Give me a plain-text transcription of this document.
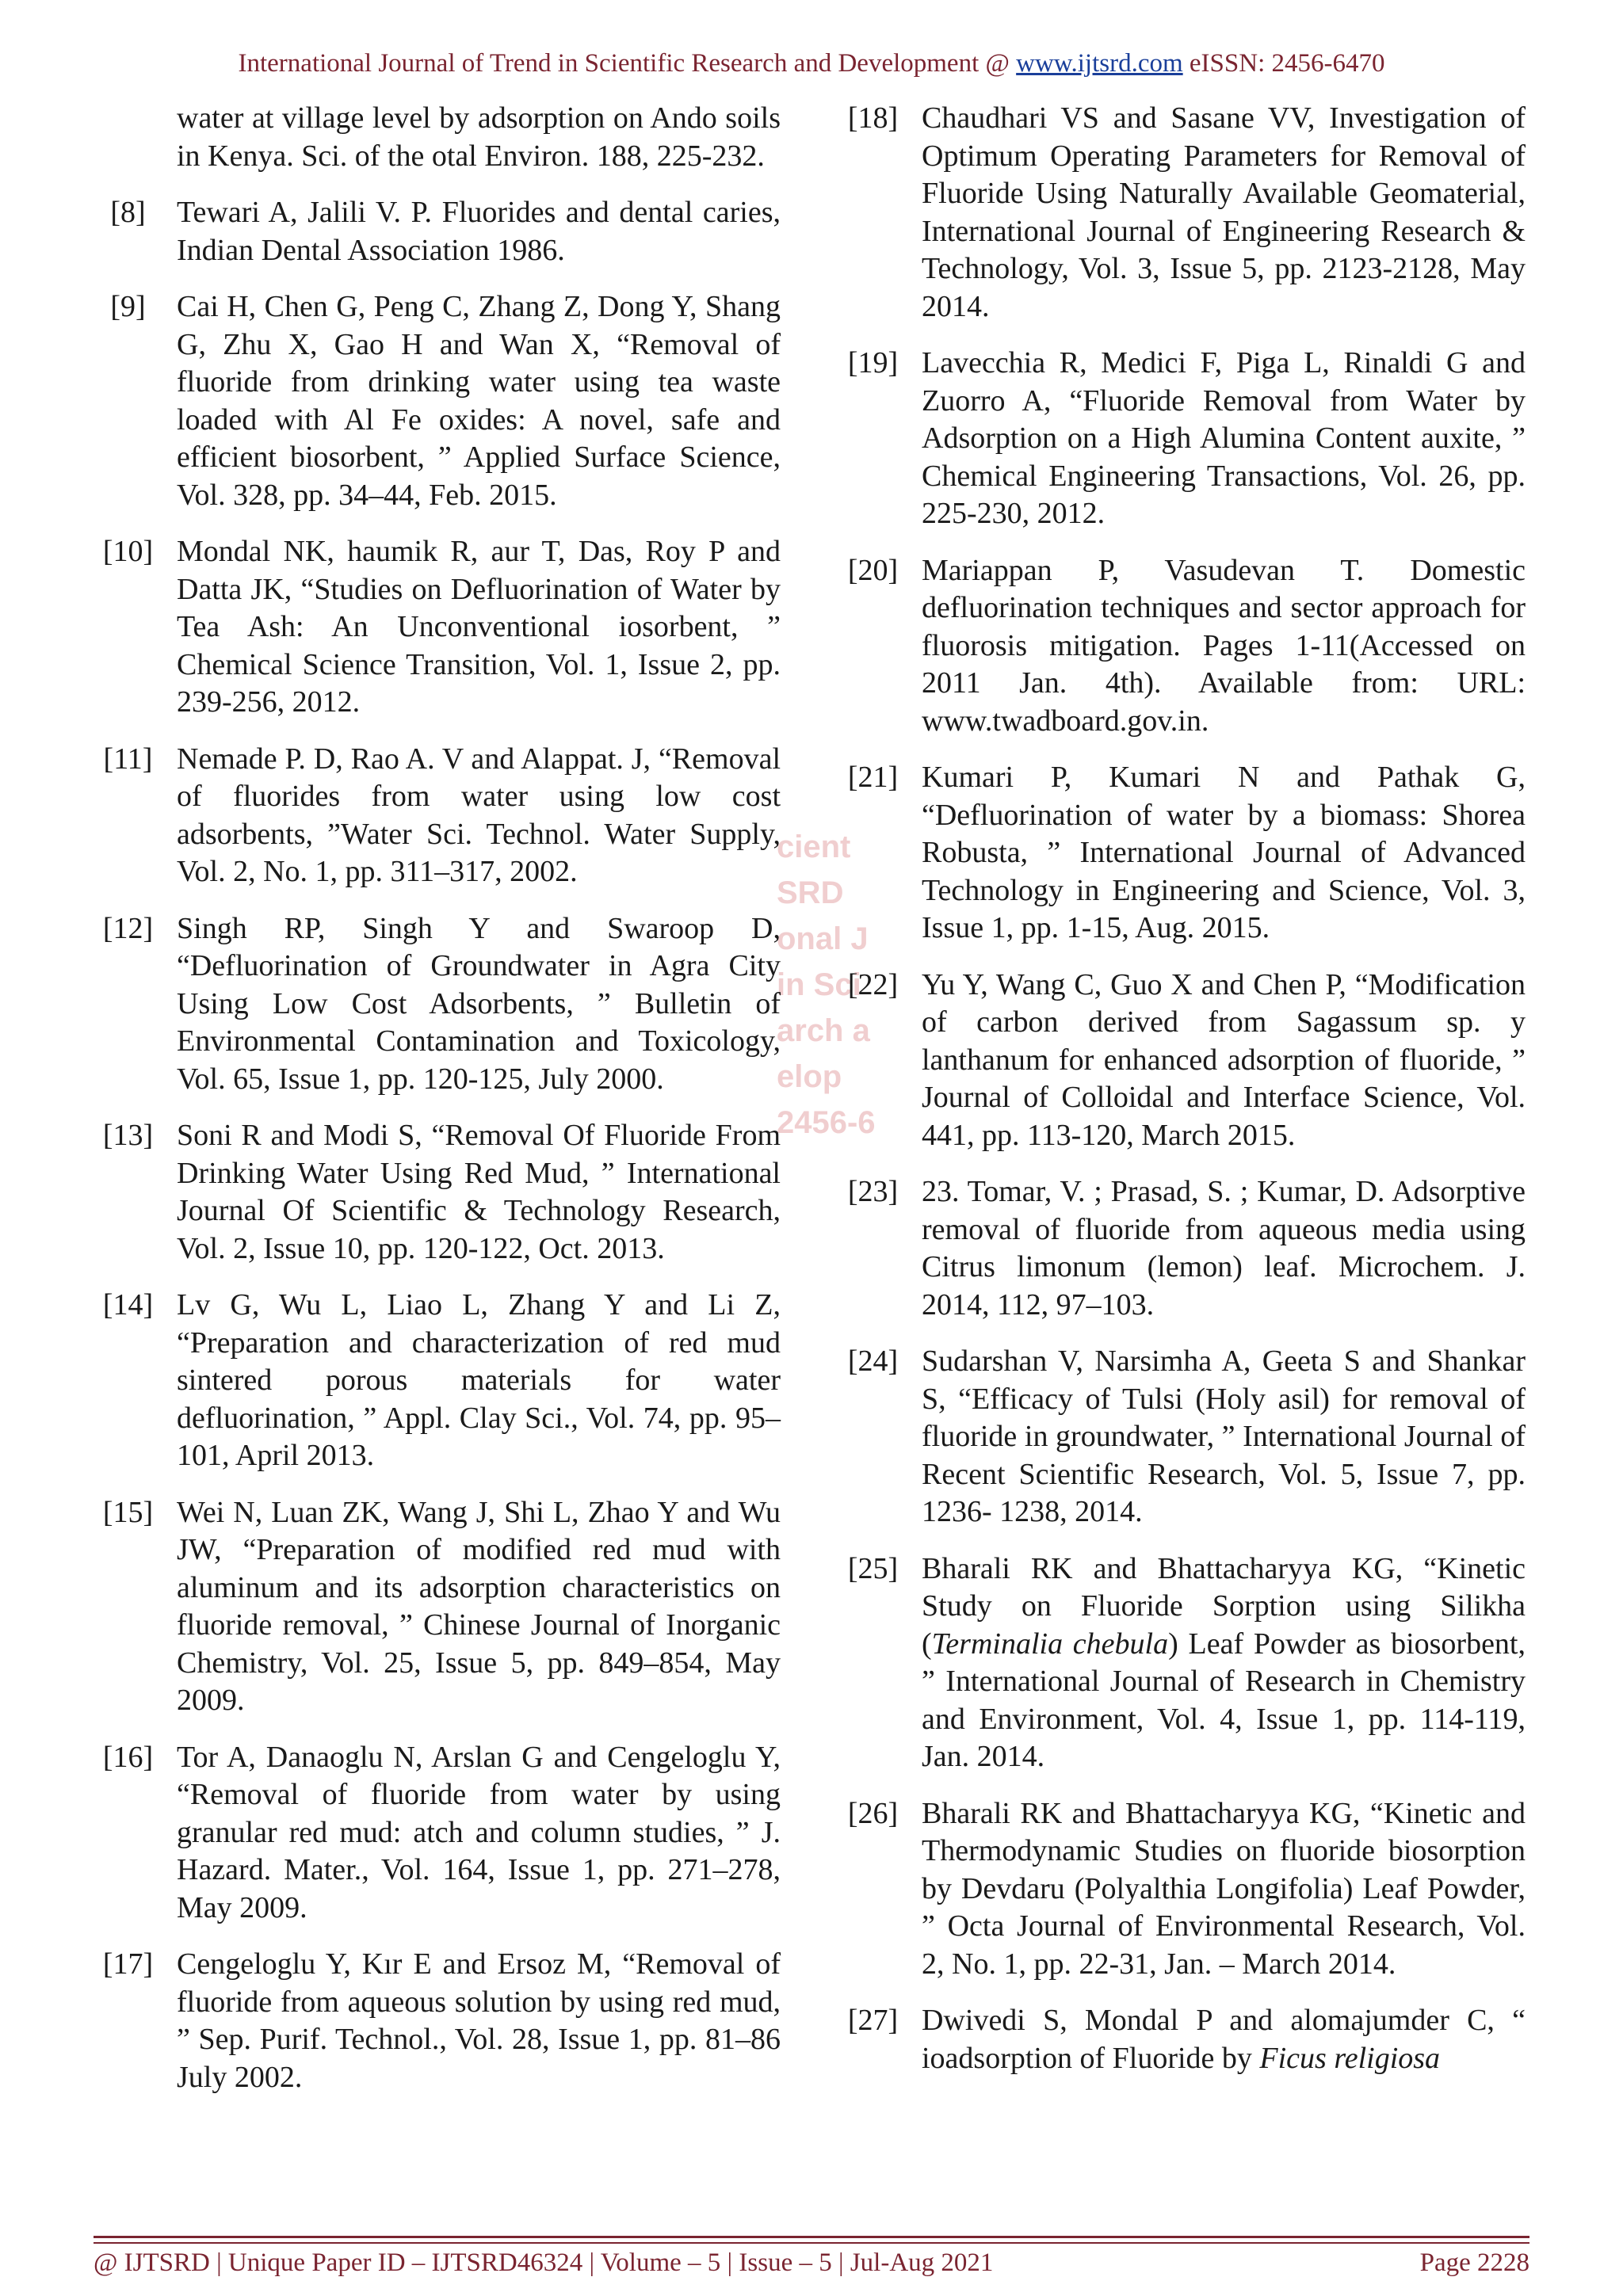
International Journal of Trend in Scientific Research and Development @ www.ijtsrd.com eISSN: 2456-6470
cient
SRD
onal J
in Sci
arch a
elop
2456-6
water at village level by adsorption on Ando soils in Kenya. Sci. of the otal Environ. 188, 225-232.
[8]	Tewari A, Jalili V. P. Fluorides and dental caries, Indian Dental Association 1986.
[9]	Cai H, Chen G, Peng C, Zhang Z, Dong Y, Shang G, Zhu X, Gao H and Wan X, “Removal of fluoride from drinking water using tea waste loaded with Al Fe oxides: A novel, safe and efficient biosorbent, ” Applied Surface Science, Vol. 328, pp. 34–44, Feb. 2015.
[10] Mondal NK, haumik R, aur T, Das, Roy P and Datta JK, “Studies on Defluorination of Water by Tea Ash: An Unconventional iosorbent, ” Chemical Science Transition, Vol. 1, Issue 2, pp. 239-256, 2012.
[11] Nemade P. D, Rao A. V and Alappat. J, “Removal of fluorides from water using low cost adsorbents, ”Water Sci. Technol. Water Supply, Vol. 2, No. 1, pp. 311–317, 2002.
[12] Singh RP, Singh Y and Swaroop D, “Defluorination of Groundwater in Agra City Using Low Cost Adsorbents, ” Bulletin of Environmental Contamination and Toxicology, Vol. 65, Issue 1, pp. 120-125, July 2000.
[13] Soni R and Modi S, “Removal Of Fluoride From Drinking Water Using Red Mud, ” International Journal Of Scientific & Technology Research, Vol. 2, Issue 10, pp. 120-122, Oct. 2013.
[14] Lv G, Wu L, Liao L, Zhang Y and Li Z, “Preparation and characterization of red mud sintered porous materials for water defluorination, ” Appl. Clay Sci., Vol. 74, pp. 95–101, April 2013.
[15] Wei N, Luan ZK, Wang J, Shi L, Zhao Y and Wu JW, “Preparation of modified red mud with aluminum and its adsorption characteristics on fluoride removal, ” Chinese Journal of Inorganic Chemistry, Vol. 25, Issue 5, pp. 849–854, May 2009.
[16] Tor A, Danaoglu N, Arslan G and Cengeloglu Y, “Removal of fluoride from water by using granular red mud: atch and column studies, ” J. Hazard. Mater., Vol. 164, Issue 1, pp. 271–278, May 2009.
[17] Cengeloglu Y, Kır E and Ersoz M, “Removal of fluoride from aqueous solution by using red mud, ” Sep. Purif. Technol., Vol. 28, Issue 1, pp. 81–86 July 2002.
[18] Chaudhari VS and Sasane VV, Investigation of Optimum Operating Parameters for Removal of Fluoride Using Naturally Available Geomaterial, International Journal of Engineering Research & Technology, Vol. 3, Issue 5, pp. 2123-2128, May 2014.
[19] Lavecchia R, Medici F, Piga L, Rinaldi G and Zuorro A, “Fluoride Removal from Water by Adsorption on a High Alumina Content auxite, ” Chemical Engineering Transactions, Vol. 26, pp. 225-230, 2012.
[20] Mariappan P, Vasudevan T. Domestic defluorination techniques and sector approach for fluorosis mitigation. Pages 1-11(Accessed on 2011 Jan. 4th). Available from: URL: www.twadboard.gov.in.
[21] Kumari P, Kumari N and Pathak G, “Defluorination of water by a biomass: Shorea Robusta, ” International Journal of Advanced Technology in Engineering and Science, Vol. 3, Issue 1, pp. 1-15, Aug. 2015.
[22] Yu Y, Wang C, Guo X and Chen P, “Modification of carbon derived from Sagassum sp. y lanthanum for enhanced adsorption of fluoride, ” Journal of Colloidal and Interface Science, Vol. 441, pp. 113-120, March 2015.
[23] 23. Tomar, V. ; Prasad, S. ; Kumar, D. Adsorptive removal of fluoride from aqueous media using Citrus limonum (lemon) leaf. Microchem. J. 2014, 112, 97–103.
[24] Sudarshan V, Narsimha A, Geeta S and Shankar S, “Efficacy of Tulsi (Holy asil) for removal of fluoride in groundwater, ” International Journal of Recent Scientific Research, Vol. 5, Issue 7, pp. 1236- 1238, 2014.
[25] Bharali RK and Bhattacharyya KG, “Kinetic Study on Fluoride Sorption using Silikha (Terminalia chebula) Leaf Powder as biosorbent, ” International Journal of Research in Chemistry and Environment, Vol. 4, Issue 1, pp. 114-119, Jan. 2014.
[26] Bharali RK and Bhattacharyya KG, “Kinetic and Thermodynamic Studies on fluoride biosorption by Devdaru (Polyalthia Longifolia) Leaf Powder, ” Octa Journal of Environmental Research, Vol. 2, No. 1, pp. 22-31, Jan. – March 2014.
[27] Dwivedi S, Mondal P and alomajumder C, “ ioadsorption of Fluoride by Ficus religiosa
@ IJTSRD | Unique Paper ID – IJTSRD46324 | Volume – 5 | Issue – 5 | Jul-Aug 2021	Page 2228
